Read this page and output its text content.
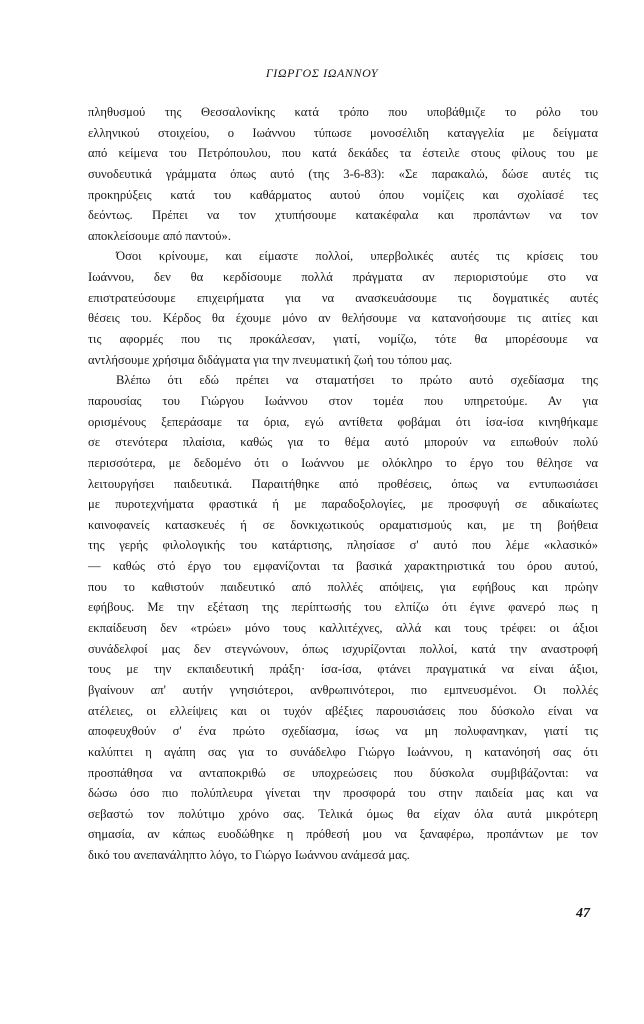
ΓΙΩΡΓΟΣ ΙΩΑΝΝΟΥ
πληθυσμού της Θεσσαλονίκης κατά τρόπο που υποβάθμιζε το ρόλο του
ελληνικού στοιχείου, ο Ιωάννου τύπωσε μονοσέλιδη καταγγελία με δείγματα
από κείμενα του Πετρόπουλου, που κατά δεκάδες τα έστειλε στους φίλους του με
συνοδευτικά γράμματα όπως αυτό (της 3-6-83): «Σε παρακαλώ, δώσε αυτές τις
προκηρύξεις κατά του καθάρματος αυτού όπου νομίζεις και σχολίασέ τες
δεόντως. Πρέπει να τον χτυπήσουμε κατακέφαλα και προπάντων να τον
αποκλείσουμε από παντού».
Όσοι κρίνουμε, και είμαστε πολλοί, υπερβολικές αυτές τις κρίσεις του
Ιωάννου, δεν θα κερδίσουμε πολλά πράγματα αν περιοριστούμε στο να
επιστρατεύσουμε επιχειρήματα για να ανασκευάσουμε τις δογματικές αυτές
θέσεις του. Κέρδος θα έχουμε μόνο αν θελήσουμε να κατανοήσουμε τις αιτίες και
τις αφορμές που τις προκάλεσαν, γιατί, νομίζω, τότε θα μπορέσουμε να
αντλήσουμε χρήσιμα διδάγματα για την πνευματική ζωή του τόπου μας.
Βλέπω ότι εδώ πρέπει να σταματήσει το πρώτο αυτό σχεδίασμα της
παρουσίας του Γιώργου Ιωάννου στον τομέα που υπηρετούμε. Αν για
ορισμένους ξεπεράσαμε τα όρια, εγώ αντίθετα φοβάμαι ότι ίσα-ίσα κινηθήκαμε
σε στενότερα πλαίσια, καθώς για το θέμα αυτό μπορούν να ειπωθούν πολύ
περισσότερα, με δεδομένο ότι ο Ιωάννου με ολόκληρο το έργο του θέλησε να
λειτουργήσει παιδευτικά. Παραιτήθηκε από προθέσεις, όπως να εντυπωσιάσει
με πυροτεχνήματα φραστικά ή με παραδοξολογίες, με προσφυγή σε αδικαίωτες
καινοφανείς κατασκευές ή σε δονκιχωτικούς οραματισμούς και, με τη βοήθεια
της γερής φιλολογικής του κατάρτισης, πλησίασε σ' αυτό που λέμε «κλασικό»
— καθώς στό έργο του εμφανίζονται τα βασικά χαρακτηριστικά του όρου αυτού,
που το καθιστούν παιδευτικό από πολλές απόψεις, για εφήβους και πρώην
εφήβους. Με την εξέταση της περίπτωσής του ελπίζω ότι έγινε φανερό πως η
εκπαίδευση δεν «τρώει» μόνο τους καλλιτέχνες, αλλά και τους τρέφει: οι άξιοι
συνάδελφοί μας δεν στεγνώνουν, όπως ισχυρίζονται πολλοί, κατά την αναστροφή
τους με την εκπαιδευτική πράξη· ίσα-ίσα, φτάνει πραγματικά να είναι άξιοι,
βγαίνουν απ' αυτήν γνησιότεροι, ανθρωπινότεροι, πιο εμπνευσμένοι. Οι πολλές
ατέλειες, οι ελλείψεις και οι τυχόν αβέξιες παρουσιάσεις που δύσκολο είναι να
αποφευχθούν σ' ένα πρώτο σχεδίασμα, ίσως να μη πολυφανηκαν, γιατί τις
καλύπτει η αγάπη σας για το συνάδελφο Γιώργο Ιωάννου, η κατανόησή σας ότι
προσπάθησα να ανταποκριθώ σε υποχρεώσεις που δύσκολα συμβιβάζονται: να
δώσω όσο πιο πολύπλευρα γίνεται την προσφορά του στην παιδεία μας και να
σεβαστώ τον πολύτιμο χρόνο σας. Τελικά όμως θα είχαν όλα αυτά μικρότερη
σημασία, αν κάπως ευοδώθηκε η πρόθεσή μου να ξαναφέρω, προπάντων με τον
δικό του ανεπανάληπτο λόγο, το Γιώργο Ιωάννου ανάμεσά μας.
47
